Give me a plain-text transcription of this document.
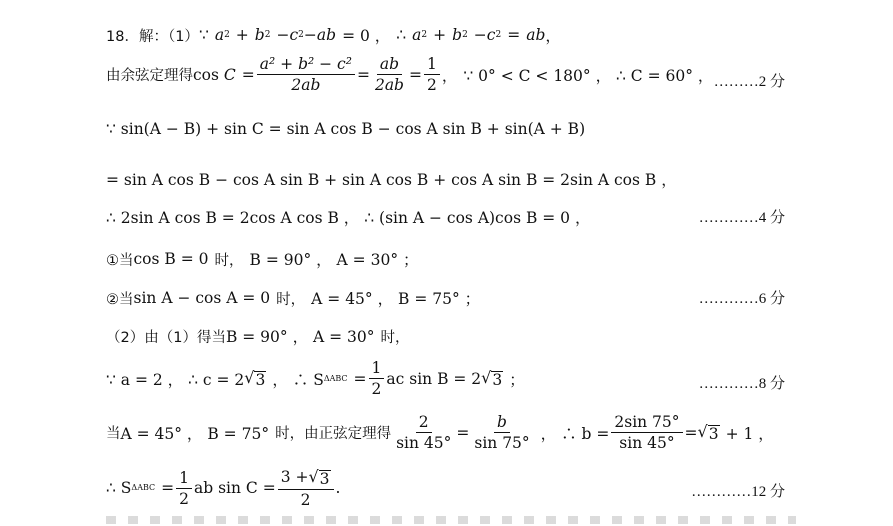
18．解：（1） ∵ a 2 + b 2 − c 2 − ab = 0 ， ∴ a 2 + b 2 − c 2 = ab ，
由余弦定理得 cos
$C = \frac{\text{a² + b² − c²}}{2ab} = \frac{ab}{2ab} = \frac{1}{2}$ ， ∵ 0° < C < 180° ， ∴ C = 60° ， ………2 分
∵ sin(A − B) + sin C = sin A cos B − cos A sin B + sin(A + B)
= sin A cos B − cos A sin B + sin A cos B + cos A sin B = 2sin A cos B ，
∴ 2sin A cos B = 2cos A cos B ， ∴ (sin A − cos A)cos B = 0 ，	…………4 分
①当 cos B = 0 时， B = 90° ， A = 30° ；
②当 sin A − cos A = 0 时， A = 45° ， B = 75° ；	…………6 分
（2）由（1）得当 B = 90° ， A = 30° 时，
∵ a = 2 ， ∴ c = 2 √ 3 ， ∴ S $\Delta ABC = \frac{1}{2}$ ac sin B = 2 √ 3 ；	…………8 分
当 A = 45° ， B = 75° 时，由正弦定理得 $\frac{2}{\sin 45^\circ} = \frac{b}{\sin 75^\circ}$ ， ∴ $b = \frac{2\sin 75^\circ}{\sin 45^\circ}$ = √ 3 + 1 ，
∴ S $\Delta ABC = \frac{1}{2}$ ab $\sin C = \frac{3 + √ 3}{2}$ .	…………12 分
